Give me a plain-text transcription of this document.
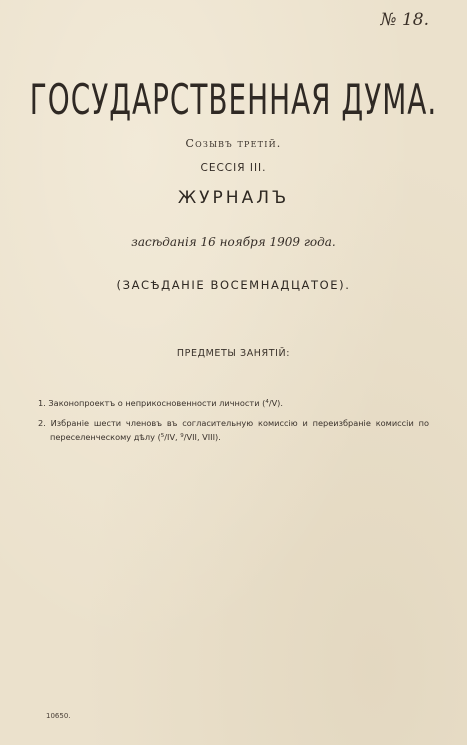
№ 18.
ГОСУДАРСТВЕННАЯ ДУМА.
Созывъ третій.
СЕССІЯ III.
ЖУРНАЛЪ
засѣданія 16 ноября 1909 года.
(ЗАСѢДАНІЕ ВОСЕМНАДЦАТОЕ).
ПРЕДМЕТЫ ЗАНЯТІЙ:
1. Законопроектъ о неприкосновенности личности ($^4$/V).
2. Избраніе шести членовъ въ согласительную комиссію и переизбраніе комиссіи по переселенческому дѣлу ($^5$/IV, $^9$/VII, VIII).
10650.
